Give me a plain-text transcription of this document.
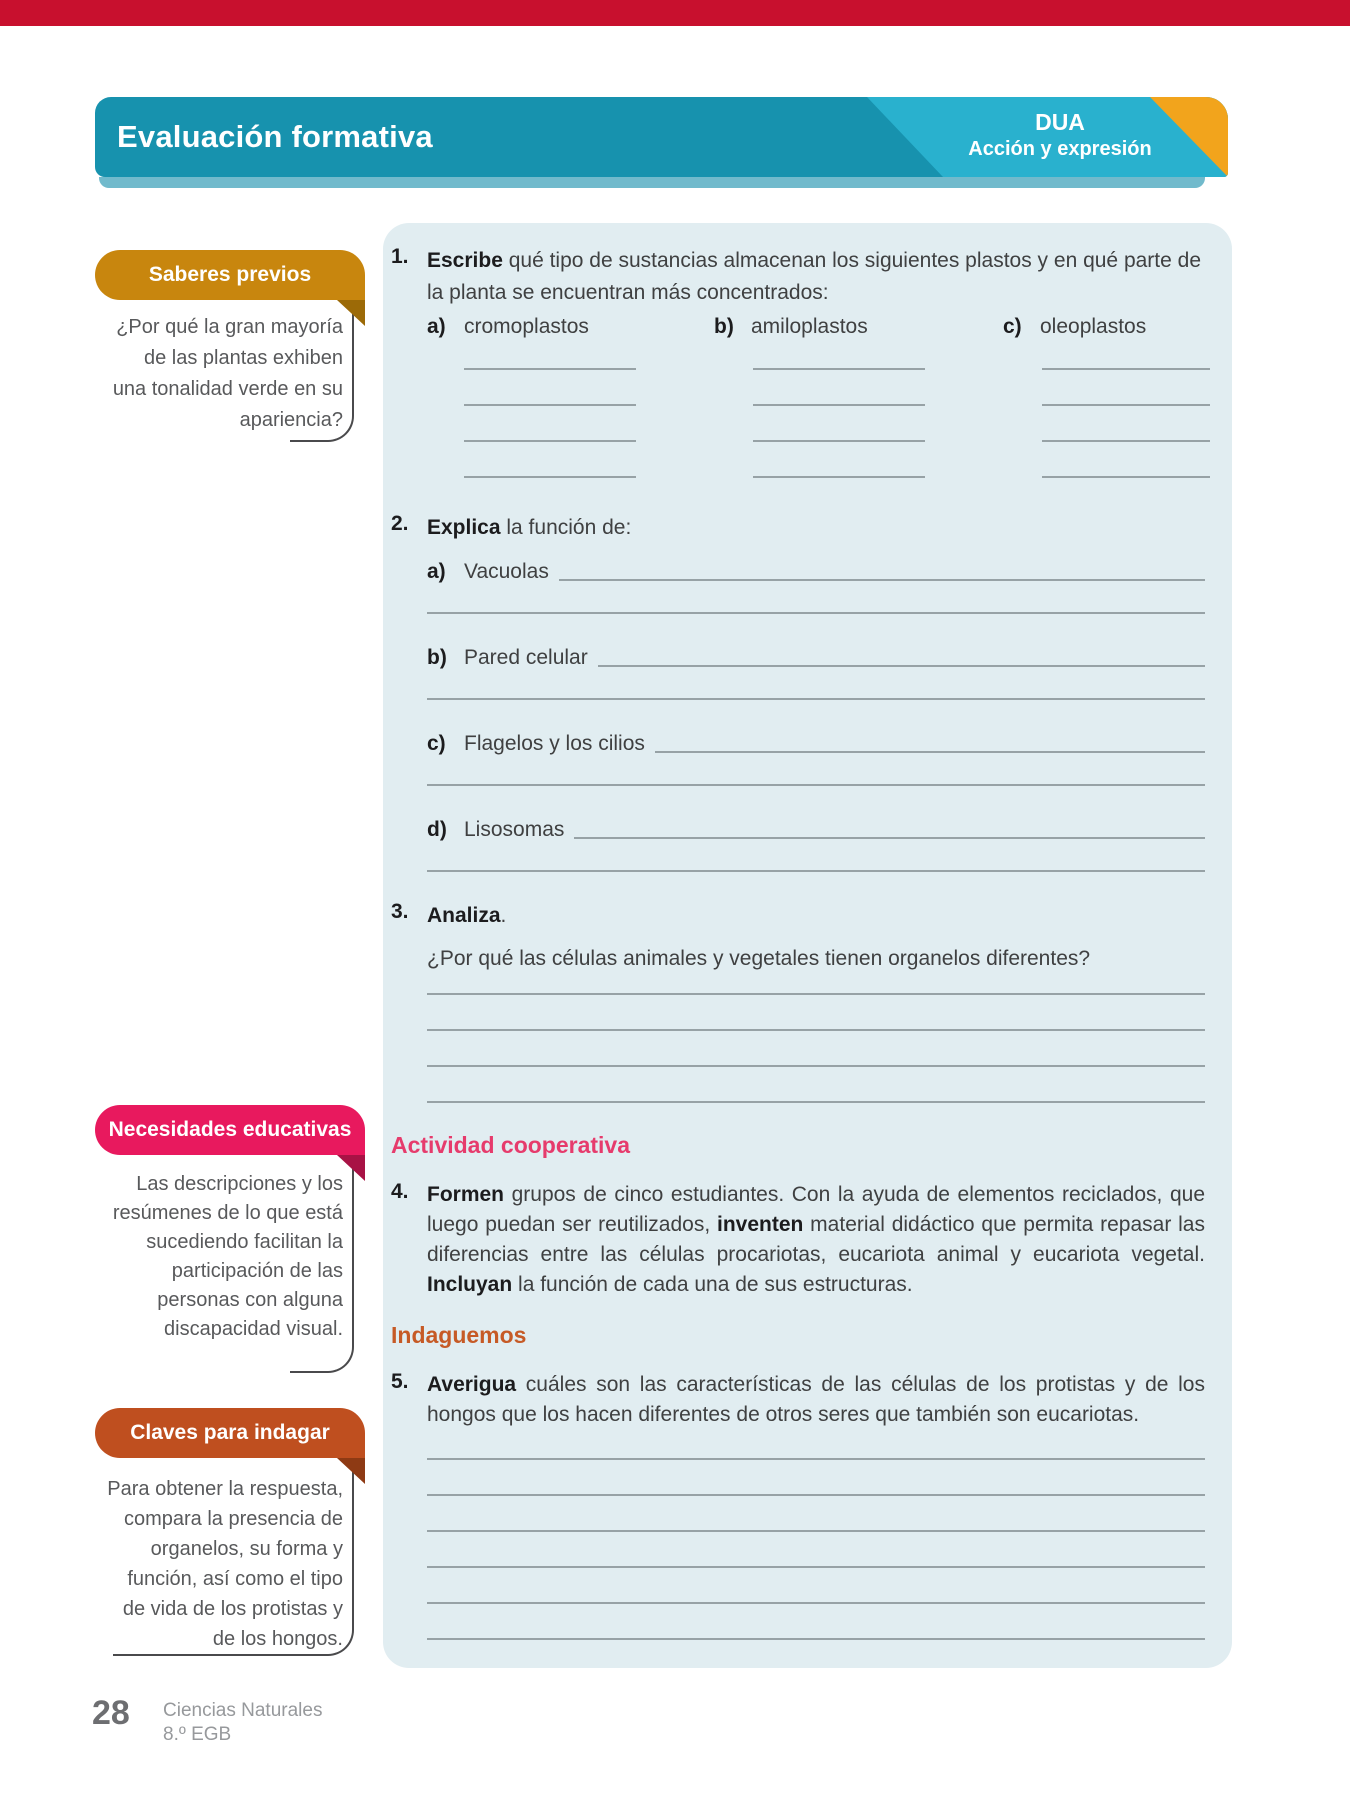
Evaluación formativa	DUA
Acción y expresión
Saberes previos
¿Por qué la gran mayoría
de las plantas exhiben
una tonalidad verde en su
apariencia?
Necesidades educativas
Las descripciones y los
resúmenes de lo que está
sucediendo facilitan la
participación de las
personas con alguna
discapacidad visual.
Claves para indagar
Para obtener la respuesta,
compara la presencia de
organelos, su forma y
función, así como el tipo
de vida de los protistas y
de los hongos.
1. Escribe qué tipo de sustancias almacenan los siguientes plastos y en qué parte de la planta se encuentran más concentrados:

a) cromoplastos	b) amiloplastos	c) oleoplastos
2. Explica la función de:

a) Vacuolas
b) Pared celular
c) Flagelos y los cilios
d) Lisosomas
3. Analiza.

¿Por qué las células animales y vegetales tienen organelos diferentes?

Actividad cooperativa
4. Formen grupos de cinco estudiantes. Con la ayuda de elementos reciclados, que luego puedan ser reutilizados, inventen material didáctico que permita repasar las diferencias entre las células procariotas, eucariota animal y eucariota vegetal. Incluyan la función de cada una de sus estructuras.

Indaguemos
5. Averigua cuáles son las características de las células de los protistas y de los hongos que los hacen diferentes de otros seres que también son eucariotas.

28 Ciencias Naturales
8.º EGB
